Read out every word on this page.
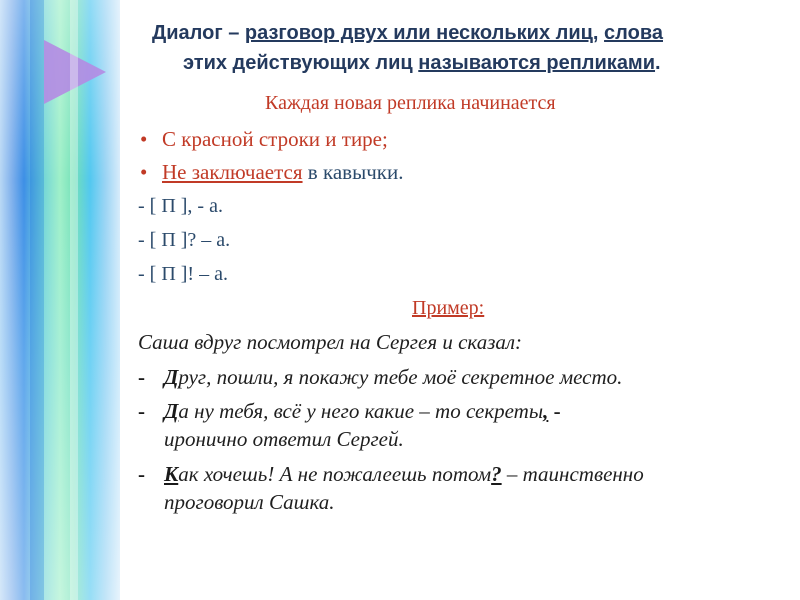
Диалог – разговор двух или нескольких лиц, слова
этих действующих лиц называются репликами.
Каждая новая реплика начинается
• С красной строки и тире;
• Не заключается в кавычки.
- [ П ], - а.
- [ П ]? – а.
- [ П ]! – а.
Пример:
Саша вдруг посмотрел на Сергея и сказал:
- Друг, пошли, я покажу тебе моё секретное место.
- Да ну тебя, всё у него какие – то секреты, -
иронично ответил Сергей.
- Как хочешь! А не пожалеешь потом? – таинственно
проговорил Сашка.
